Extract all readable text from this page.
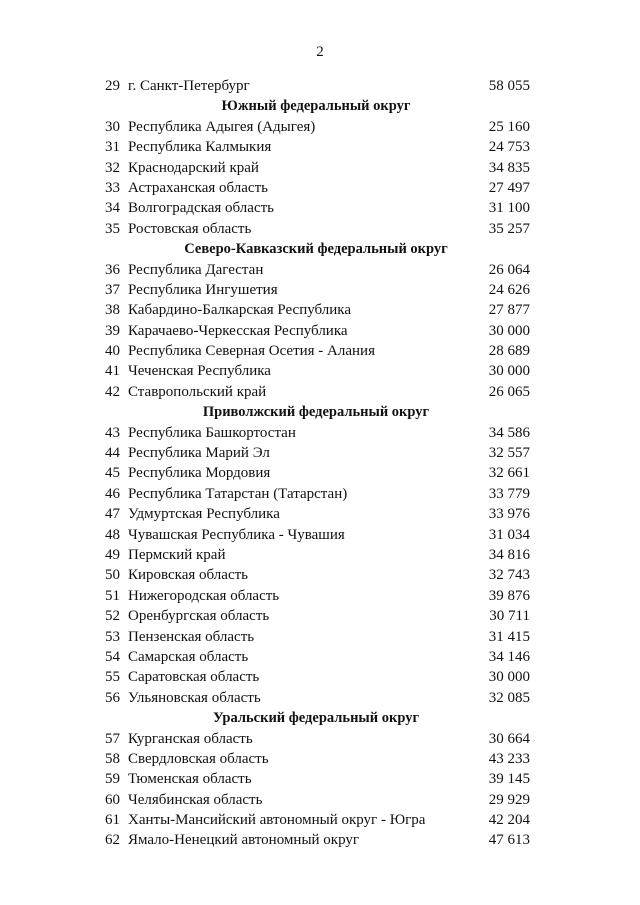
2
29 г. Санкт-Петербург	58 055
Южный федеральный округ
30 Республика Адыгея (Адыгея)	25 160
31 Республика Калмыкия	24 753
32 Краснодарский край	34 835
33 Астраханская область	27 497
34 Волгоградская область	31 100
35 Ростовская область	35 257
Северо-Кавказский федеральный округ
36 Республика Дагестан	26 064
37 Республика Ингушетия	24 626
38 Кабардино-Балкарская Республика	27 877
39 Карачаево-Черкесская Республика	30 000
40 Республика Северная Осетия - Алания	28 689
41 Чеченская Республика	30 000
42 Ставропольский край	26 065
Приволжский федеральный округ
43 Республика Башкортостан	34 586
44 Республика Марий Эл	32 557
45 Республика Мордовия	32 661
46 Республика Татарстан (Татарстан)	33 779
47 Удмуртская Республика	33 976
48 Чувашская Республика - Чувашия	31 034
49 Пермский край	34 816
50 Кировская область	32 743
51 Нижегородская область	39 876
52 Оренбургская область	30 711
53 Пензенская область	31 415
54 Самарская область	34 146
55 Саратовская область	30 000
56 Ульяновская область	32 085
Уральский федеральный округ
57 Курганская область	30 664
58 Свердловская область	43 233
59 Тюменская область	39 145
60 Челябинская область	29 929
61 Ханты-Мансийский автономный округ - Югра	42 204
62 Ямало-Ненецкий автономный округ	47 613
